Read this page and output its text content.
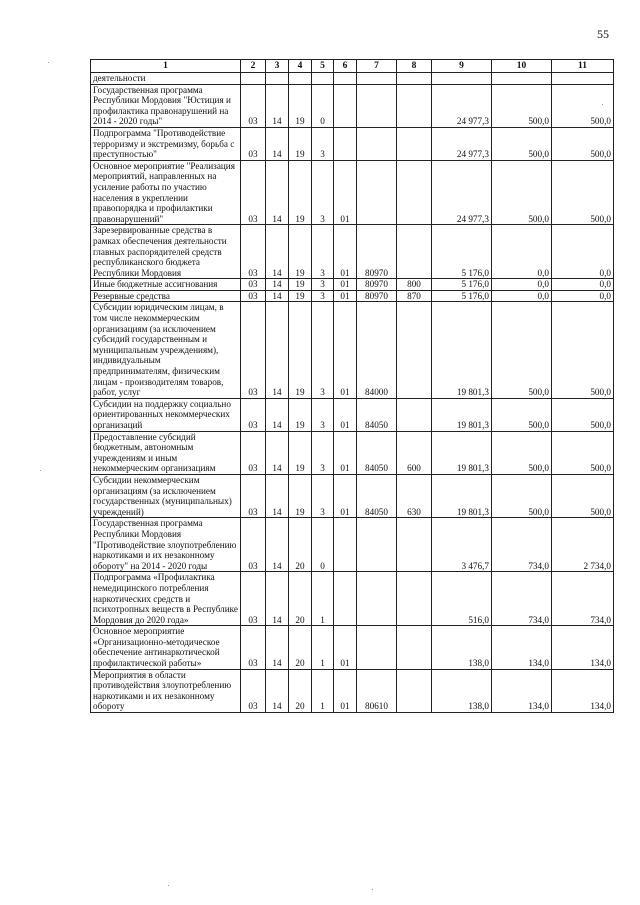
55
1	2	3	4	5	6	7	8	9	10	11
деятельности										
Государственная программа Республики Мордовия "Юстиция и профилактика правонарушений на 2014 - 2020 годы"	03	14	19	0				24 977,3	500,0	500,0
Подпрограмма "Противодействие терроризму и экстремизму, борьба с преступностью"	03	14	19	3				24 977,3	500,0	500,0
Основное мероприятие "Реализация мероприятий, направленных на усиление работы по участию населения в укреплении правопорядка и профилактики правонарушений"	03	14	19	3	01			24 977,3	500,0	500,0
Зарезервированные средства в рамках обеспечения деятельности главных распорядителей средств республиканского бюджета Республики Мордовия	03	14	19	3	01	80970		5 176,0	0,0	0,0
Иные бюджетные ассигнования	03	14	19	3	01	80970	800	5 176,0	0,0	0,0
Резервные средства	03	14	19	3	01	80970	870	5 176,0	0,0	0,0
Субсидии юридическим лицам, в том числе некоммерческим организациям (за исключением субсидий государственным и муниципальным учреждениям), индивидуальным предпринимателям, физическим лицам - производителям товаров, работ, услуг	03	14	19	3	01	84000		19 801,3	500,0	500,0
Субсидии на поддержку социально ориентированных некоммерческих организаций	03	14	19	3	01	84050		19 801,3	500,0	500,0
Предоставление субсидий бюджетным, автономным учреждениям и иным некоммерческим организациям	03	14	19	3	01	84050	600	19 801,3	500,0	500,0
Субсидии некоммерческим организациям (за исключением государственных (муниципальных) учреждений)	03	14	19	3	01	84050	630	19 801,3	500,0	500,0
Государственная программа Республики Мордовия "Противодействие злоупотреблению наркотиками и их незаконному обороту" на 2014 - 2020 годы	03	14	20	0				3 476,7	734,0	2 734,0
Подпрограмма «Профилактика немедицинского потребления наркотических средств и психотропных веществ в Республике Мордовия до 2020 года»	03	14	20	1				516,0	734,0	734,0
Основное мероприятие «Организационно-методическое обеспечение антинаркотической профилактической работы»	03	14	20	1	01			138,0	134,0	134,0
Мероприятия в области противодействия злоупотреблению наркотиками и их незаконному обороту	03	14	20	1	01	80610		138,0	134,0	134,0
